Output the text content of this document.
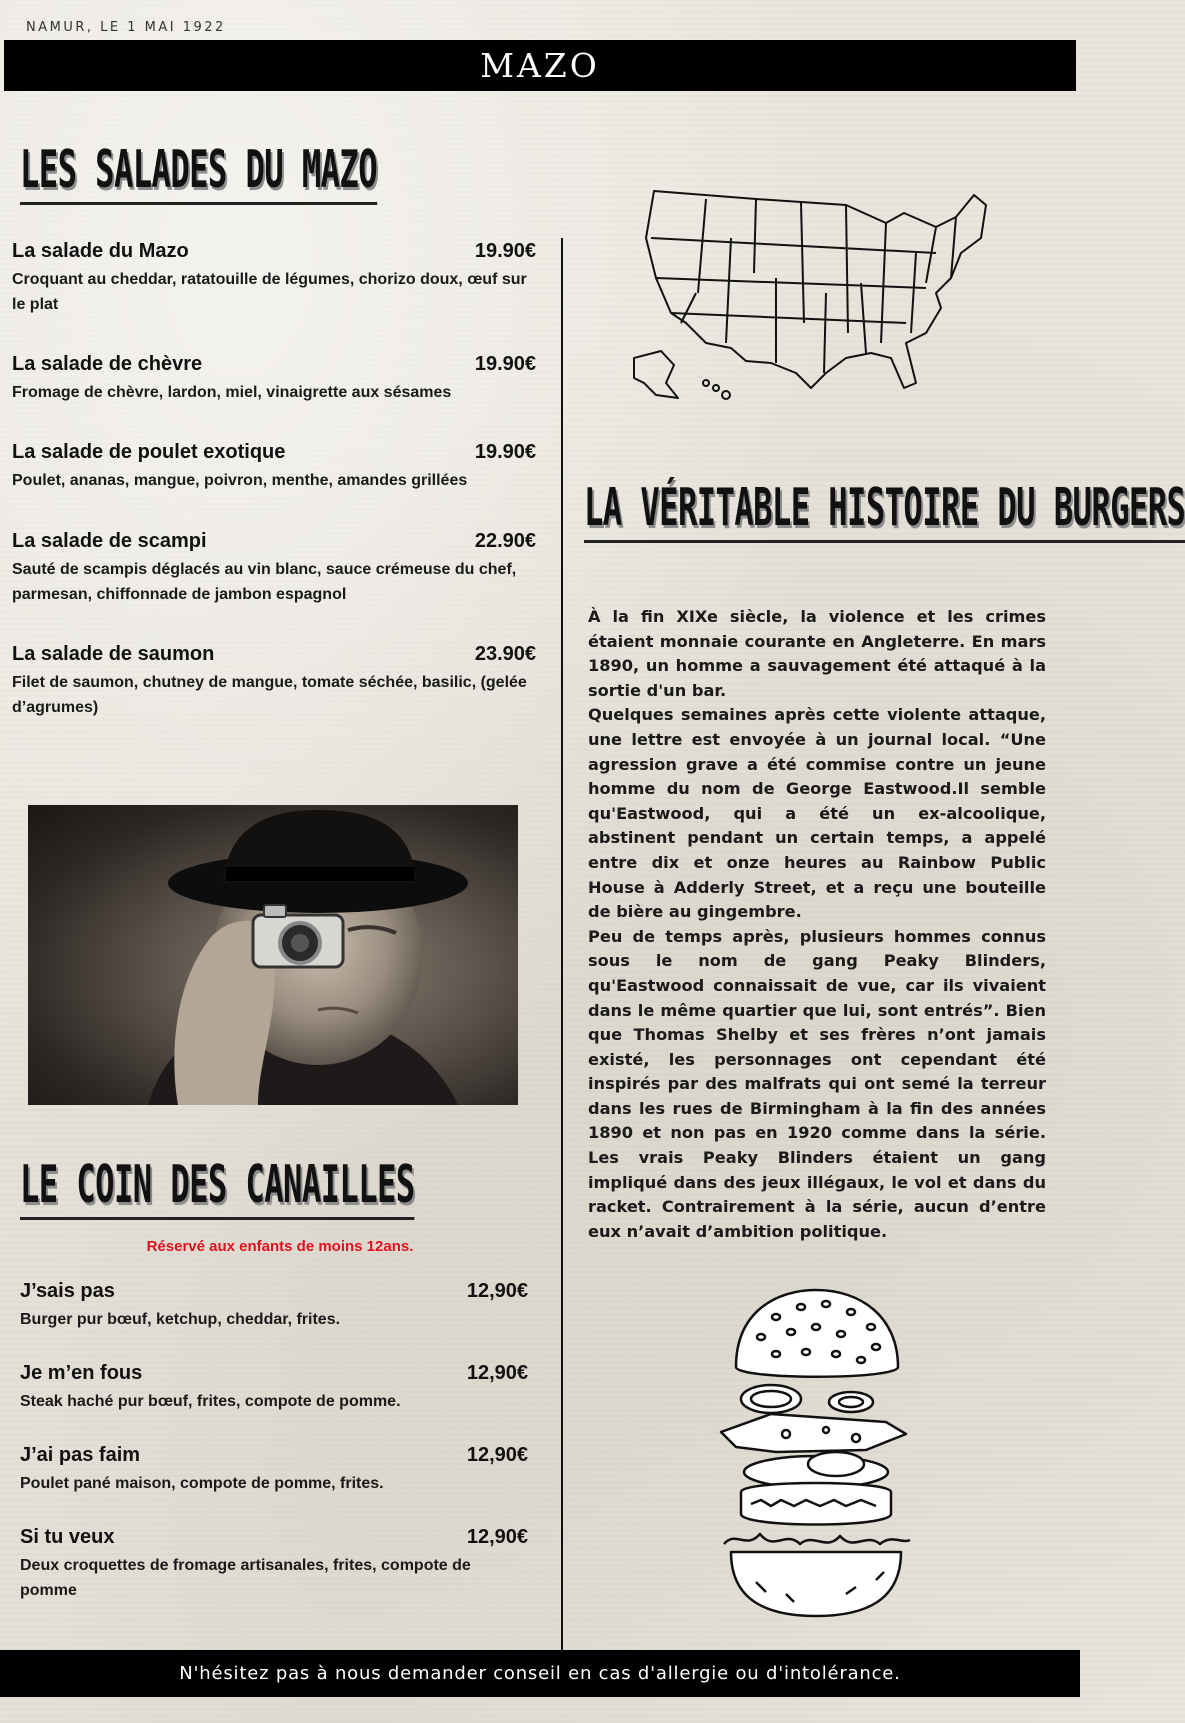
NAMUR, LE 1 MAI 1922
MAZO
LES SALADES DU MAZO
La salade du Mazo	19.90€
Croquant au cheddar, ratatouille de légumes, chorizo doux, œuf sur le plat
La salade de chèvre	19.90€
Fromage de chèvre, lardon, miel, vinaigrette aux sésames
La salade de poulet exotique	19.90€
Poulet, ananas, mangue, poivron, menthe, amandes grillées
La salade de scampi	22.90€
Sauté de scampis déglacés au vin blanc, sauce crémeuse du chef, parmesan, chiffonnade de jambon espagnol
La salade de saumon	23.90€
Filet de saumon, chutney de mangue, tomate séchée, basilic, (gelée d’agrumes)
LE COIN DES CANAILLES
Réservé aux enfants de moins 12ans.
J’sais pas	12,90€
Burger pur bœuf, ketchup, cheddar, frites.
Je m’en fous	12,90€
Steak haché pur bœuf, frites, compote de pomme.
J’ai pas faim	12,90€
Poulet pané maison, compote de pomme, frites.
Si tu veux	12,90€
Deux croquettes de fromage artisanales, frites, compote de pomme
LA VÉRITABLE HISTOIRE DU BURGERS

À la fin XIXe siècle, la violence et les crimes étaient monnaie courante en Angleterre. En mars 1890, un homme a sauvagement été attaqué à la sortie d'un bar.

Quelques semaines après cette violente attaque, une lettre est envoyée à un journal local. “Une agression grave a été commise contre un jeune homme du nom de George Eastwood.Il semble qu'Eastwood, qui a été un ex-alcoolique, abstinent pendant un certain temps, a appelé entre dix et onze heures au Rainbow Public House à Adderly Street, et a reçu une bouteille de bière au gingembre.

Peu de temps après, plusieurs hommes connus sous le nom de gang Peaky Blinders, qu'Eastwood connaissait de vue, car ils vivaient dans le même quartier que lui, sont entrés”. Bien que Thomas Shelby et ses frères n’ont jamais existé, les personnages ont cependant été inspirés par des malfrats qui ont semé la terreur dans les rues de Birmingham à la fin des années 1890 et non pas en 1920 comme dans la série. Les vrais Peaky Blinders étaient un gang impliqué dans des jeux illégaux, le vol et dans du racket. Contrairement à la série, aucun d’entre eux n’avait d’ambition politique.

N'hésitez pas à nous demander conseil en cas d'allergie ou d'intolérance.
